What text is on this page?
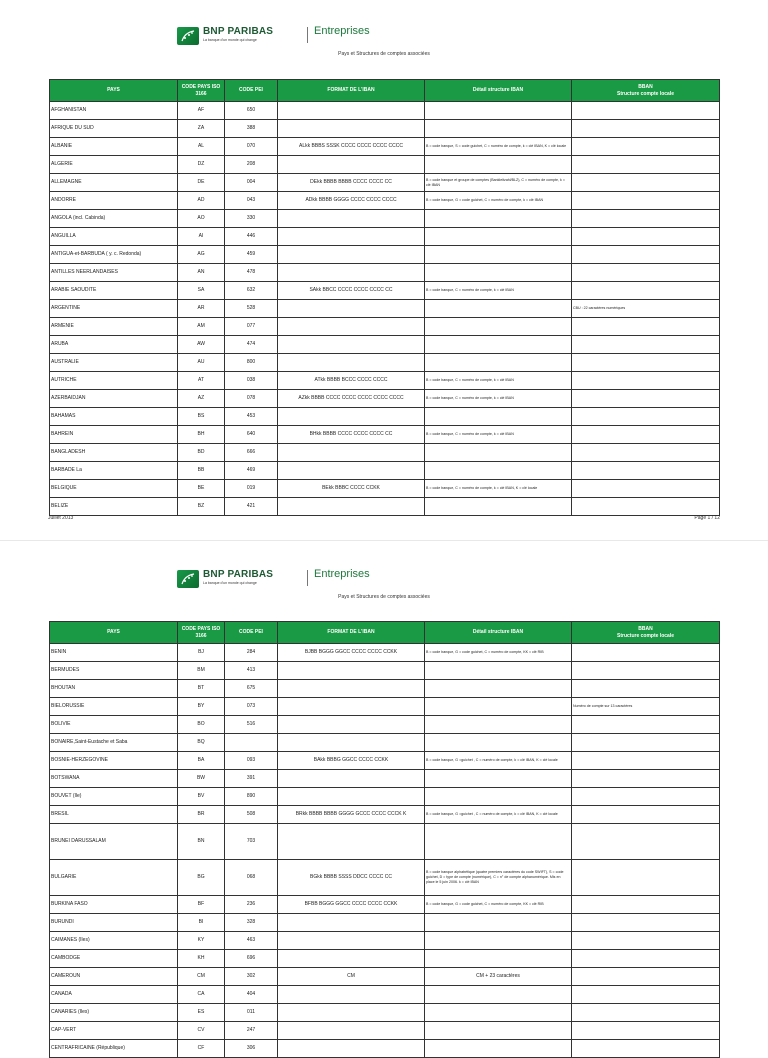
BNP PARIBAS
La banque d'un monde qui change
Entreprises
Pays et Structures de comptes associées
PAYS	CODE PAYS ISO 3166	CODE PEI	FORMAT DE L'IBAN	Détail structure IBAN	BBAN
Structure compte locale
AFGHANISTAN	AF	650			
AFRIQUE DU SUD	ZA	388			
ALBANIE	AL	070	ALkk BBBS SSSK CCCC CCCC CCCC CCCC	B = code banque, S = code guichet, C = numéro de compte, k = clé IBAN, K = clé locale	
ALGERIE	DZ	208			
ALLEMAGNE	DE	004	DEkk BBBB BBBB CCCC CCCC CC	B = code banque et groupe de comptes (Bankleitzahl/BLZ), C = numéro de compte, k = clé IBAN	
ANDORRE	AD	043	ADkk BBBB GGGG CCCC CCCC CCCC	B = code banque, G = code guichet, C = numéro de compte, k = clé IBAN	
ANGOLA (incl. Cabinda)	AO	330			
ANGUILLA	AI	446			
ANTIGUA-et-BARBUDA ( y. c. Redonda)	AG	459			
ANTILLES NEERLANDAISES	AN	478			
ARABIE SAOUDITE	SA	632	SAkk BBCC CCCC CCCC CCCC CC	B = code banque, C = numéro de compte, k = clé IBAN	
ARGENTINE	AR	528			CBU : 22 caractères numériques
ARMENIE	AM	077			
ARUBA	AW	474			
AUSTRALIE	AU	800			
AUTRICHE	AT	038	ATkk BBBB BCCC CCCC CCCC	B = code banque, C = numéro de compte, k = clé IBAN	
AZERBAIDJAN	AZ	078	AZkk BBBB CCCC CCCC CCCC CCCC CCCC	B = code banque, C = numéro de compte, k = clé IBAN	
BAHAMAS	BS	453			
BAHREIN	BH	640	BHkk BBBB CCCC CCCC CCCC CC	B = code banque, C = numéro de compte, k = clé IBAN	
BANGLADESH	BD	666			
BARBADE La	BB	469			
BELGIQUE	BE	019	BEkk BBBC CCCC CCKK	B = code banque, C = numéro de compte, k = clé IBAN, K = clé locale	
BELIZE	BZ	421			
Juillet 2013	Page 1 / 12
BNP PARIBAS
La banque d'un monde qui change
Entreprises
Pays et Structures de comptes associées
PAYS	CODE PAYS ISO 3166	CODE PEI	FORMAT DE L'IBAN	Détail structure IBAN	BBAN
Structure compte locale
BENIN	BJ	284	BJBB BGGG GGCC CCCC CCCC CCKK	B = code banque, G = code guichet, C = numéro de compte, KK = clé RIB	
BERMUDES	BM	413			
BHOUTAN	BT	675			
BIELORUSSIE	BY	073			Numéro de compte sur 13 caractères
BOLIVIE	BO	516			
BONAIRE,Saint-Eustache et Saba	BQ				
BOSNIE-HERZEGOVINE	BA	093	BAkk BBBG GGCC CCCC CCKK	B = code banque, G =guichet , C = numéro de compte, k = clé IBAN, K = clé locale	
BOTSWANA	BW	391			
BOUVET (Ile)	BV	890			
BRESIL	BR	508	BRkk BBBB BBBB GGGG GCCC CCCC CCCK K	B = code banque, G =guichet , C = numéro de compte, k = clé IBAN, K = clé locale	
BRUNEI DARUSSALAM	BN	703			
BULGARIE	BG	068	BGkk BBBB SSSS DDCC CCCC CC	B = code banque alphabétique (quatre premiers caractères du code SWIFT), S = code guichet, D = type de compte (numérique), C = n° de compte alphanumérique. Mis en place le 5 juin 2006. k = clé IBAN	
BURKINA FASO	BF	236	BFBB BGGG GGCC CCCC CCCC CCKK	B = code banque, G = code guichet, C = numéro de compte, KK = clé RIB	
BURUNDI	BI	328			
CAIMANES (Iles)	KY	463			
CAMBODGE	KH	696			
CAMEROUN	CM	302	CM	CM + 23 caractères	
CANADA	CA	404			
CANARIES (Iles)	ES	011			
CAP-VERT	CV	247			
CENTRAFRICAINE (République)	CF	306			
